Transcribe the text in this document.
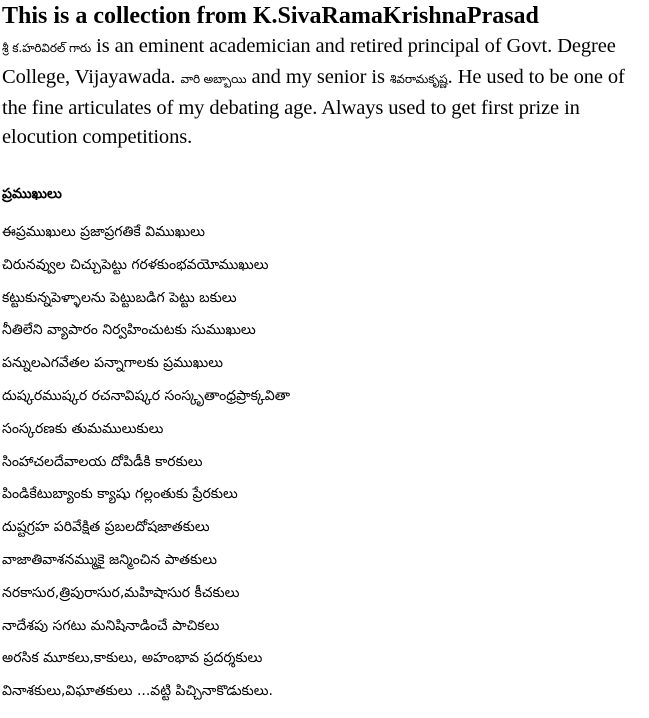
This is a collection from K.SivaRamaKrishnaPrasad

శ్రీ క.హరివిరల్ గారు is an eminent academician and retired principal of Govt. Degree College, Vijayawada. వారి అబ్బాయి and my senior is శివరామకృష్ణ. He used to be one of the fine articulates of my debating age. Always used to get first prize in elocution competitions.

ప్రముఖులు
ఈప్రముఖులు ప్రజాప్రగతికే విముఖులు
చిరునవ్వుల చిచ్చుపెట్టు గరళకుంభవయోముఖులు
కట్టుకున్నపెళ్ళాలను పెట్టుబడిగ పెట్టు బకులు
నీతిలేని వ్యాపారం నిర్వహించుటకు సుముఖులు
పన్నులఎగవేతల పన్నాగాలకు ప్రముఖులు
దుష్కరముష్కర రచనావిష్కర సంస్కృతాంధ్రప్రాక్కవితా
సంస్కరణకు తుమములుకులు
సింహాచలదేవాలయ దోపిడీకి కారకులు
పిండికేటుబ్యాంకు క్యాషు గల్లంతుకు ప్రేరకులు
దుష్టగ్రహ పరివేక్షిత ప్రబలదోషజాతకులు
వాజాతివాశనమ్ముకై జన్మించిన పాతకులు
నరకాసుర,త్రిపురాసుర,మహిషాసుర కీచకులు
నాదేశపు సగటు మనిషినాడించే పాచికలు
అరసిక మూకలు,కాకులు, అహంభావ ప్రదర్శకులు
వినాశకులు,విఘాతకులు ...వట్టి పిచ్చినాకొడుకులు.
